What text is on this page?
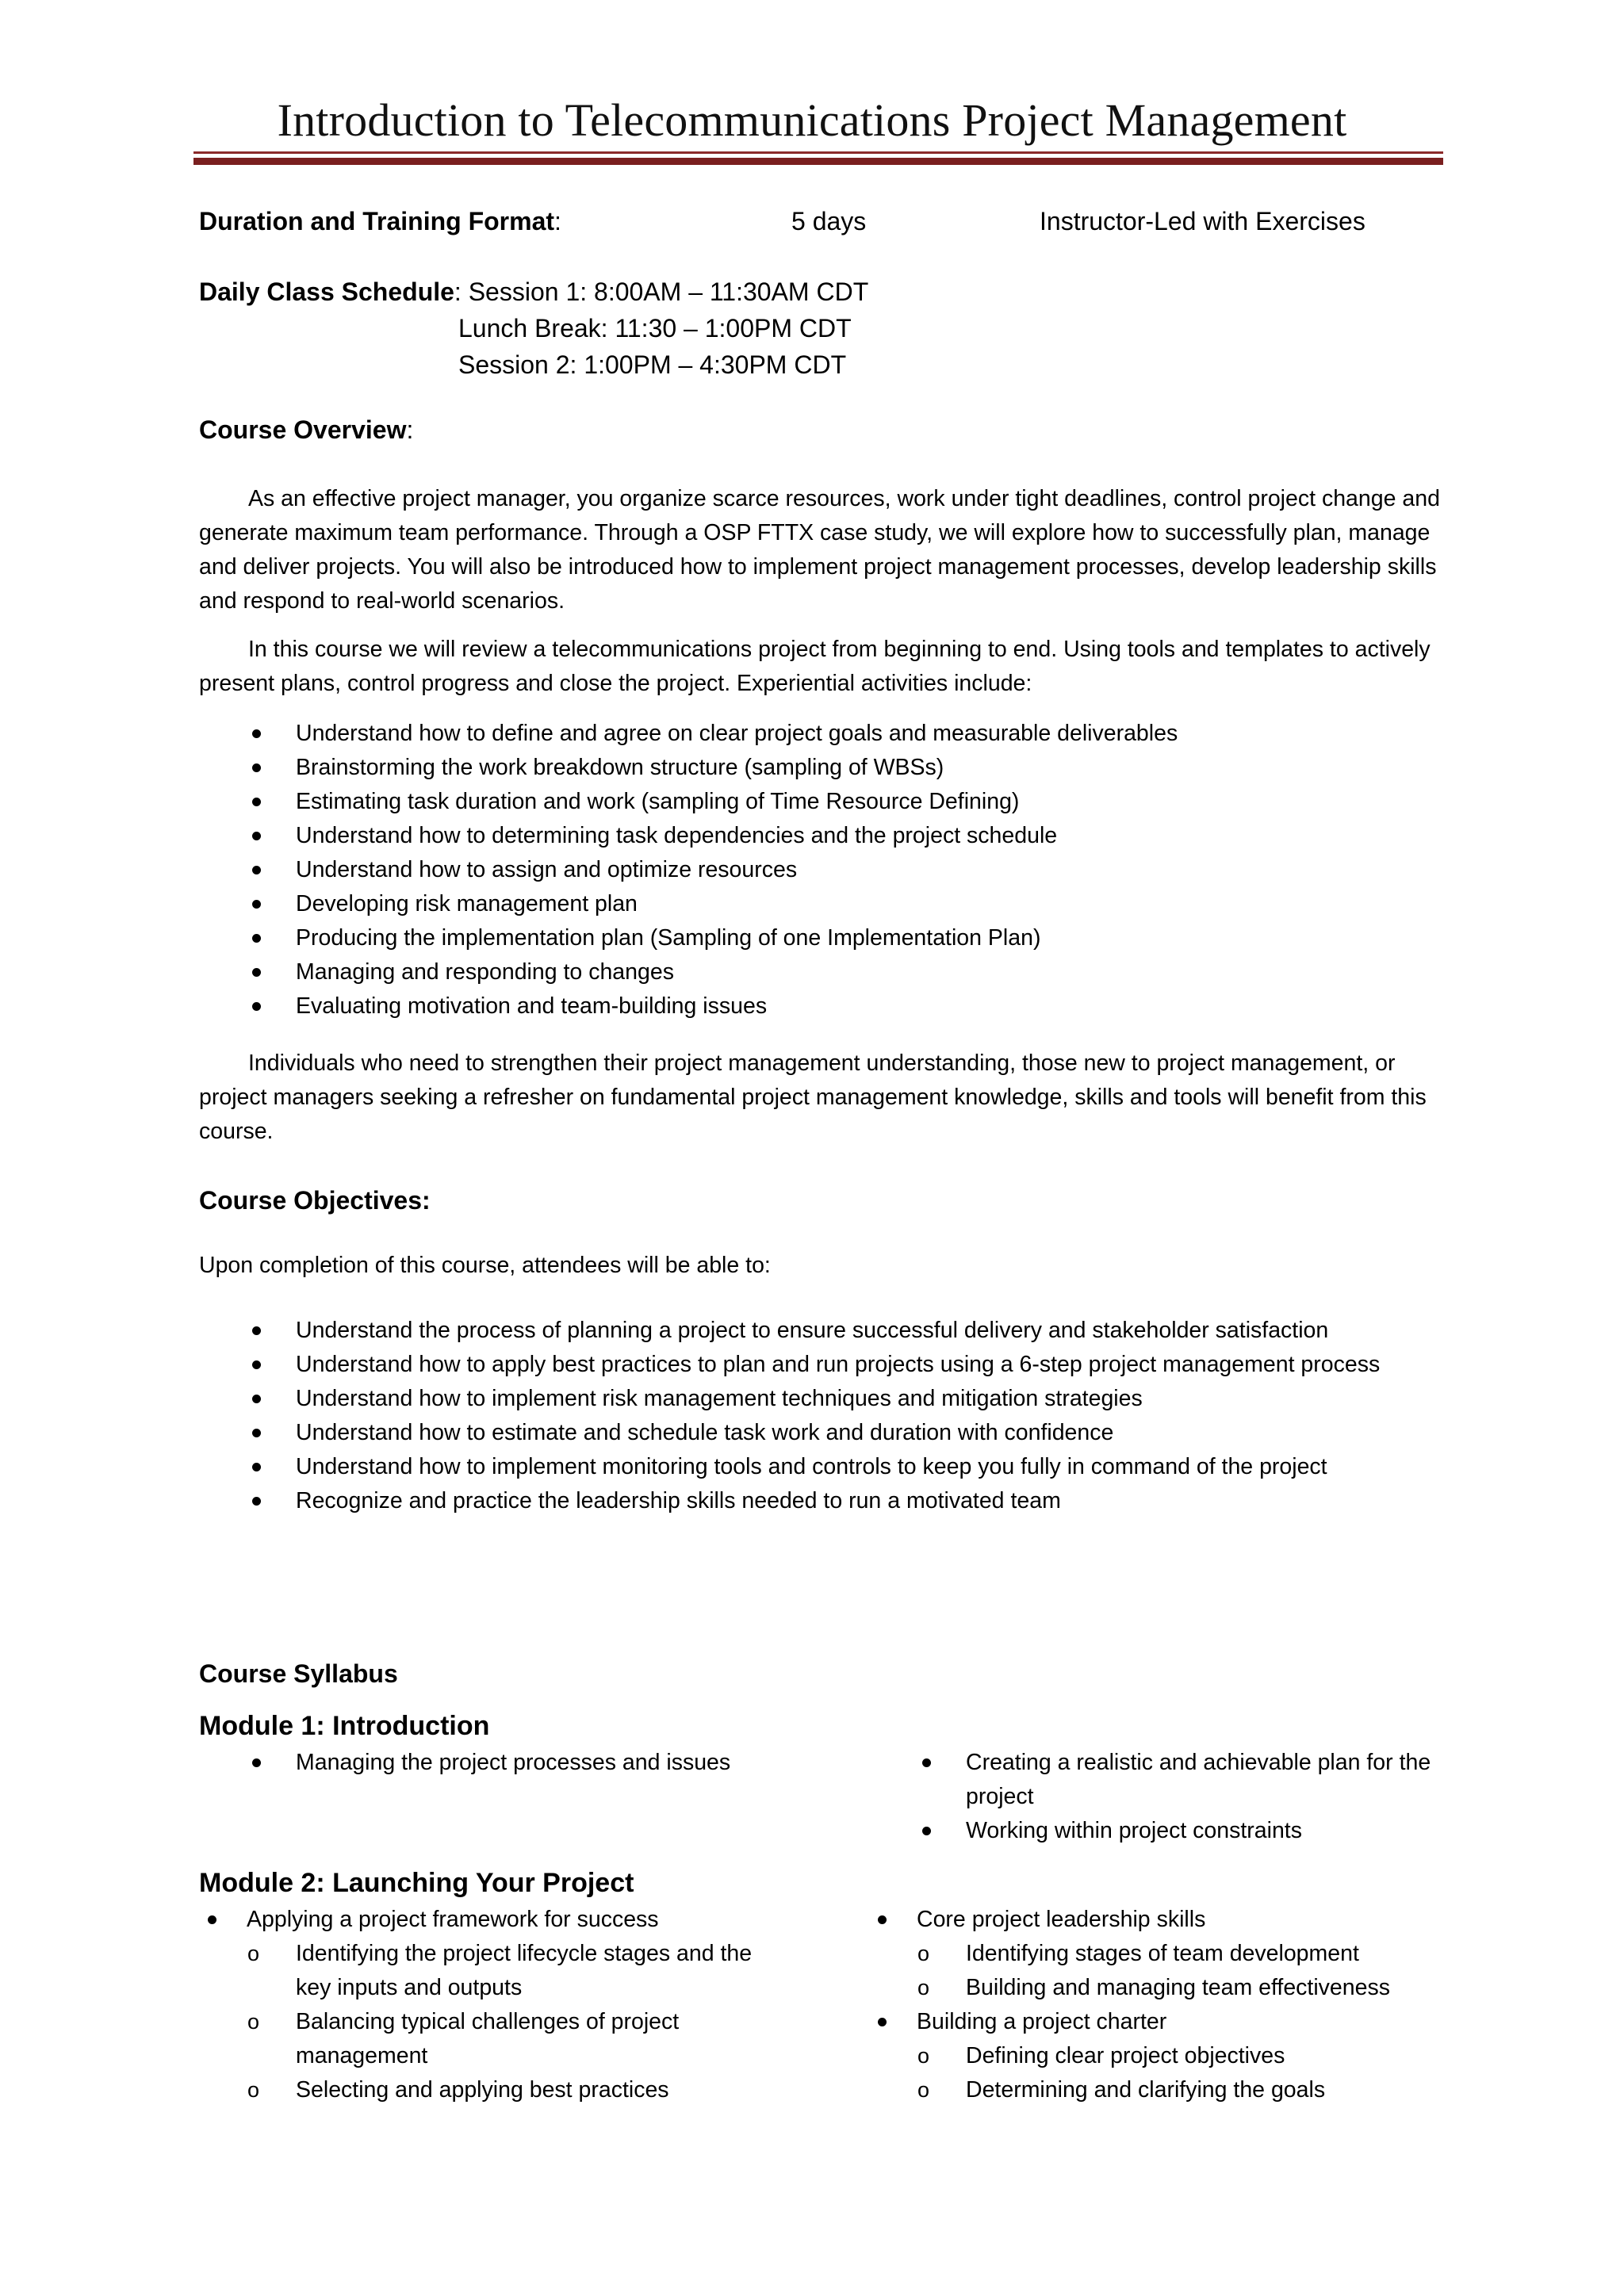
Introduction to Telecommunications Project Management
Duration and Training Format:	5 days	Instructor-Led with Exercises
Daily Class Schedule: Session 1: 8:00AM – 11:30AM CDT
Lunch Break: 11:30 – 1:00PM CDT
Session 2: 1:00PM – 4:30PM CDT
Course Overview:
As an effective project manager, you organize scarce resources, work under tight deadlines, control project change and generate maximum team performance. Through a OSP FTTX case study, we will explore how to successfully plan, manage and deliver projects. You will also be introduced how to implement project management processes, develop leadership skills and respond to real-world scenarios.
In this course we will review a telecommunications project from beginning to end. Using tools and templates to actively present plans, control progress and close the project. Experiential activities include:
Understand how to define and agree on clear project goals and measurable deliverables
Brainstorming the work breakdown structure (sampling of WBSs)
Estimating task duration and work (sampling of Time Resource Defining)
Understand how to determining task dependencies and the project schedule
Understand how to assign and optimize resources
Developing risk management plan
Producing the implementation plan (Sampling of one Implementation Plan)
Managing and responding to changes
Evaluating motivation and team-building issues
Individuals who need to strengthen their project management understanding, those new to project management, or project managers seeking a refresher on fundamental project management knowledge, skills and tools will benefit from this course.
Course Objectives:
Upon completion of this course, attendees will be able to:
Understand the process of planning a project to ensure successful delivery and stakeholder satisfaction
Understand how to apply best practices to plan and run projects using a 6-step project management process
Understand how to implement risk management techniques and mitigation strategies
Understand how to estimate and schedule task work and duration with confidence
Understand how to implement monitoring tools and controls to keep you fully in command of the project
Recognize and practice the leadership skills needed to run a motivated team
Course Syllabus
Module 1: Introduction
Managing the project processes and issues	Creating a realistic and achievable plan for the project
Working within project constraints
Module 2: Launching Your Project
Applying a project framework for success
o Identifying the project lifecycle stages and the key inputs and outputs
o Balancing typical challenges of project management
o Selecting and applying best practices
Core project leadership skills
o Identifying stages of team development
o Building and managing team effectiveness
Building a project charter
o Defining clear project objectives
o Determining and clarifying the goals
